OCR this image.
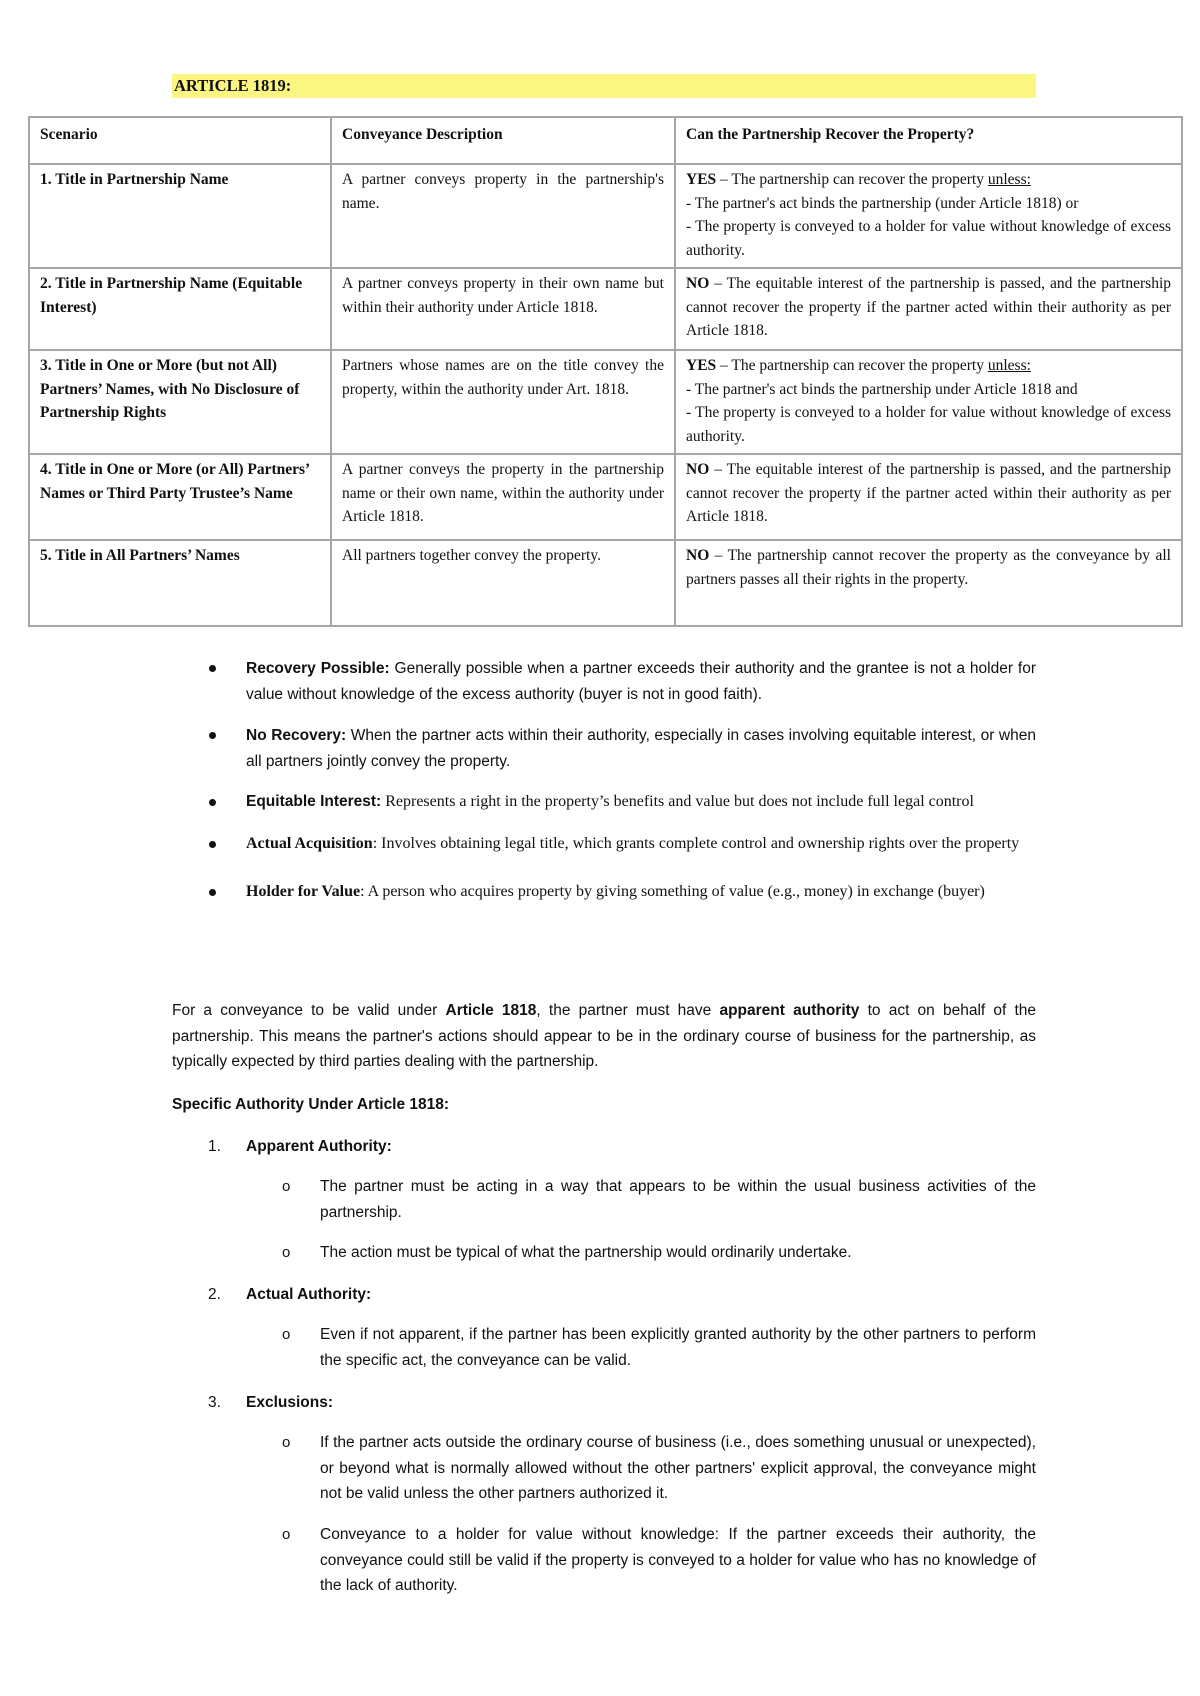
ARTICLE 1819:
Scenario	Conveyance Description	Can the Partnership Recover the Property?
1. Title in Partnership Name	A partner conveys property in the partnership's name.	YES – The partnership can recover the property unless:
- The partner's act binds the partnership (under Article 1818) or
- The property is conveyed to a holder for value without knowledge of excess authority.

2. Title in Partnership Name (Equitable Interest)	A partner conveys property in their own name but within their authority under Article 1818.	NO – The equitable interest of the partnership is passed, and the partnership cannot recover the property if the partner acted within their authority as per Article 1818.
3. Title in One or More (but not All) Partners’ Names, with No Disclosure of Partnership Rights	Partners whose names are on the title convey the property, within the authority under Art. 1818.	YES – The partnership can recover the property unless:
- The partner's act binds the partnership under Article 1818 and
- The property is conveyed to a holder for value without knowledge of excess authority.

4. Title in One or More (or All) Partners’ Names or Third Party Trustee’s Name	A partner conveys the property in the partnership name or their own name, within the authority under Article 1818.	NO – The equitable interest of the partnership is passed, and the partnership cannot recover the property if the partner acted within their authority as per Article 1818.
5. Title in All Partners’ Names	All partners together convey the property.	NO – The partnership cannot recover the property as the conveyance by all partners passes all their rights in the property.
Recovery Possible: Generally possible when a partner exceeds their authority and the grantee is not a holder for value without knowledge of the excess authority (buyer is not in good faith).
No Recovery: When the partner acts within their authority, especially in cases involving equitable interest, or when all partners jointly convey the property.
Equitable Interest: Represents a right in the property’s benefits and value but does not include full legal control
Actual Acquisition: Involves obtaining legal title, which grants complete control and ownership rights over the property
Holder for Value: A person who acquires property by giving something of value (e.g., money) in exchange (buyer)
For a conveyance to be valid under Article 1818, the partner must have apparent authority to act on behalf of the partnership. This means the partner's actions should appear to be in the ordinary course of business for the partnership, as typically expected by third parties dealing with the partnership.
Specific Authority Under Article 1818:
1. Apparent Authority:
o	The partner must be acting in a way that appears to be within the usual business activities of the partnership.
o	The action must be typical of what the partnership would ordinarily undertake.
2. Actual Authority:
o	Even if not apparent, if the partner has been explicitly granted authority by the other partners to perform the specific act, the conveyance can be valid.
3. Exclusions:
o	If the partner acts outside the ordinary course of business (i.e., does something unusual or unexpected), or beyond what is normally allowed without the other partners' explicit approval, the conveyance might not be valid unless the other partners authorized it.
o	Conveyance to a holder for value without knowledge: If the partner exceeds their authority, the conveyance could still be valid if the property is conveyed to a holder for value who has no knowledge of the lack of authority.
